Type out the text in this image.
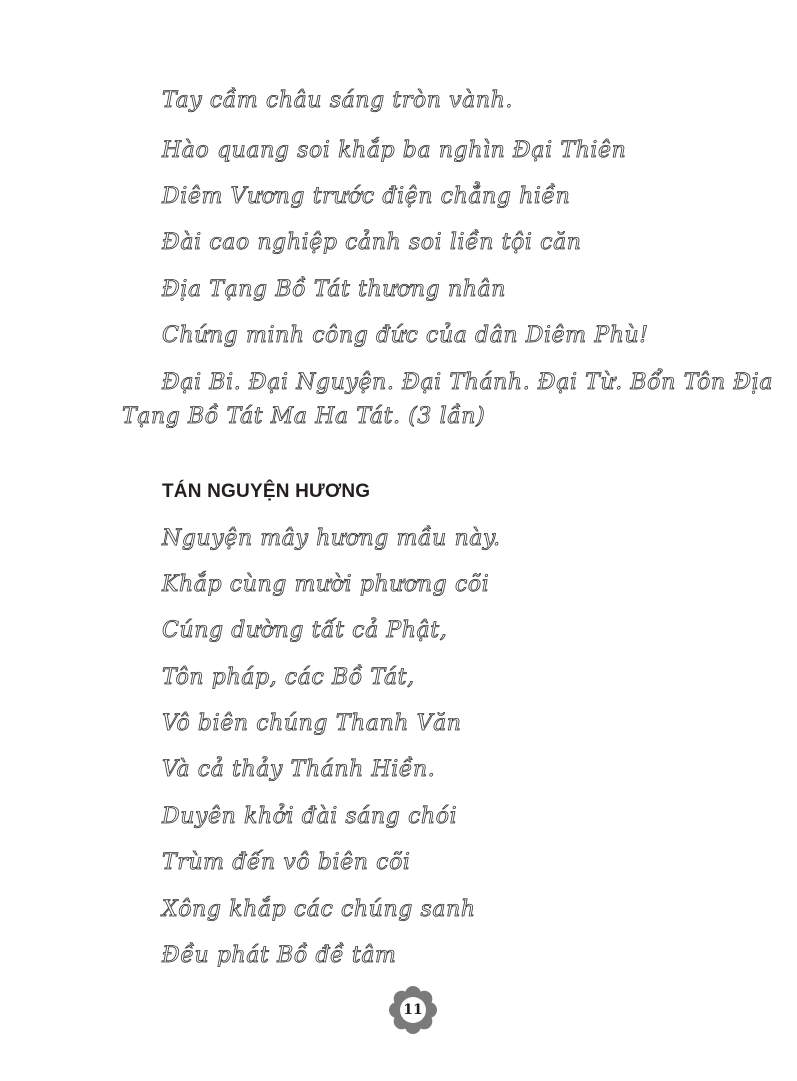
Tay cầm châu sáng tròn vành.
Hào quang soi khắp ba nghìn Đại Thiên
Diêm Vương trước điện chẳng hiền
Đài cao nghiệp cảnh soi liền tội căn
Địa Tạng Bồ Tát thương nhân
Chứng minh công đức của dân Diêm Phù!
Đại Bi. Đại Nguyện. Đại Thánh. Đại Từ. Bổn Tôn Địa
Tạng Bồ Tát Ma Ha Tát. (3 lần)
TÁN NGUYỆN HƯƠNG
Nguyện mây hương mầu này.
Khắp cùng mười phương cõi
Cúng dường tất cả Phật,
Tôn pháp, các Bồ Tát,
Vô biên chúng Thanh Văn
Và cả thảy Thánh Hiền.
Duyên khởi đài sáng chói
Trùm đến vô biên cõi
Xông khắp các chúng sanh
Đều phát Bồ đề tâm
11
